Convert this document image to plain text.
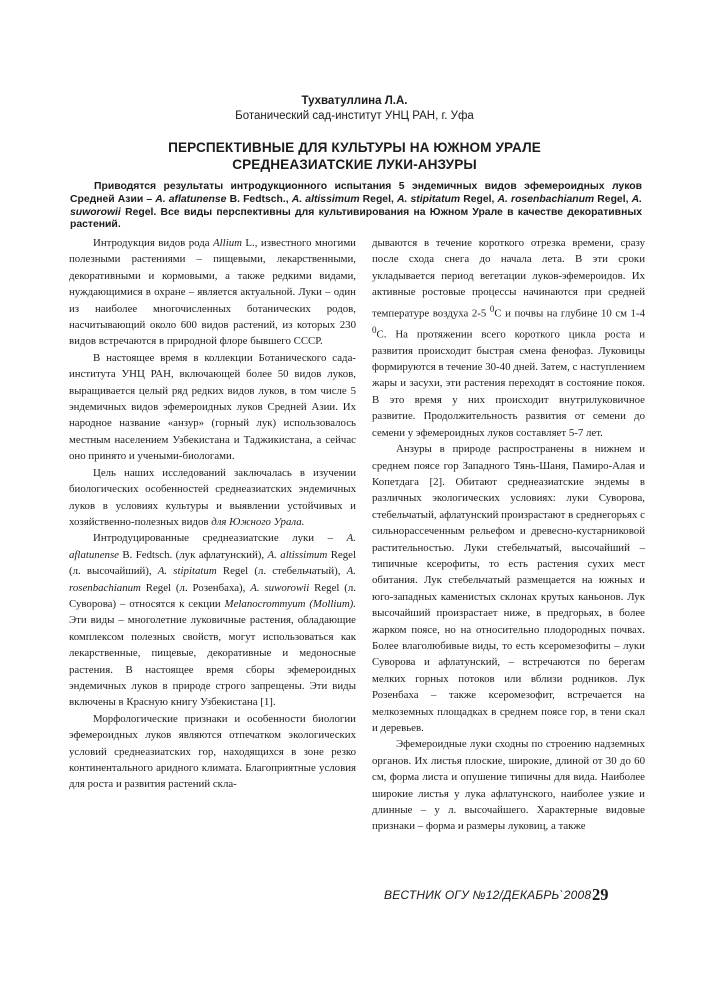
Тухватуллина Л.А.
Ботанический сад-институт УНЦ РАН, г. Уфа
ПЕРСПЕКТИВНЫЕ ДЛЯ КУЛЬТУРЫ НА ЮЖНОМ УРАЛЕ
СРЕДНЕАЗИАТСКИЕ ЛУКИ-АНЗУРЫ

Приводятся результаты интродукционного испытания 5 эндемичных видов эфемероидных луков Средней Азии – A. aflatunense B. Fedtsch., A. altissimum Regel, A. stipitatum Regel, A. rosenbachianum Regel, A. suworowii Regel. Все виды перспективны для культивирования на Южном Урале в качестве декоративных растений.

Интродукция видов рода Allium L., известного многими полезными растениями – пищевыми, лекарственными, декоративными и кормовыми, а также редкими видами, нуждающимися в охране – является актуальной. Луки – один из наиболее многочисленных ботанических родов, насчитывающий около 600 видов растений, из которых 230 видов встречаются в природной флоре бывшего СССР.

В настоящее время в коллекции Ботанического сада-института УНЦ РАН, включающей более 50 видов луков, выращивается целый ряд редких видов луков, в том числе 5 эндемичных видов эфемероидных луков Средней Азии. Их народное название «анзур» (горный лук) использовалось местным населением Узбекистана и Таджикистана, а сейчас оно принято и учеными-биологами.

Цель наших исследований заключалась в изучении биологических особенностей среднеазиатских эндемичных луков в условиях культуры и выявлении устойчивых и хозяйственно-полезных видов для Южного Урала.

Интродуцированные среднеазиатские луки – A. aflatunense B. Fedtsch. (лук афлатунский), A. altissimum Regel (л. высочайший), A. stipitatum Regel (л. стебельчатый), A. rosenbachianum Regel (л. Розенбаха), A. suworowii Regel (л. Суворова) – относятся к секции Melanocrommyum (Mollium). Эти виды – многолетние луковичные растения, обладающие комплексом полезных свойств, могут использоваться как лекарственные, пищевые, декоративные и медоносные растения. В настоящее время сборы эфемероидных эндемичных луков в природе строго запрещены. Эти виды включены в Красную книгу Узбекистана [1].

Морфологические признаки и особенности биологии эфемероидных луков являются отпечатком экологических условий среднеазиатских гор, находящихся в зоне резко континентального аридного климата. Благоприятные условия для роста и развития растений скла-

дываются в течение короткого отрезка времени, сразу после схода снега до начала лета. В эти сроки укладывается период вегетации луков-эфемероидов. Их активные ростовые процессы начинаются при средней температуре воздуха 2-5 $^0$С и почвы на глубине 10 см 1-4 $^0$С. На протяжении всего короткого цикла роста и развития происходит быстрая смена фенофаз. Луковицы формируются в течение 30-40 дней. Затем, с наступлением жары и засухи, эти растения переходят в состояние покоя. В это время у них происходит внутрилуковичное развитие. Продолжительность развития от семени до семени у эфемероидных луков составляет 5-7 лет.

Анзуры в природе распространены в нижнем и среднем поясе гор Западного Тянь-Шаня, Памиро-Алая и Копетдага [2]. Обитают среднеазиатские эндемы в различных экологических условиях: луки Суворова, стебельчатый, афлатунский произрастают в среднегорьях с сильнорассеченным рельефом и древесно-кустарниковой растительностью. Луки стебельчатый, высочайший – типичные ксерофиты, то есть растения сухих мест обитания. Лук стебельчатый размещается на южных и юго-западных каменистых склонах крутых каньонов. Лук высочайший произрастает ниже, в предгорьях, в более жарком поясе, но на относительно плодородных почвах. Более влаголюбивые виды, то есть ксеромезофиты – луки Суворова и афлатунский, – встречаются по берегам мелких горных потоков или вблизи родников. Лук Розенбаха – также ксеромезофит, встречается на мелкоземных площадках в среднем поясе гор, в тени скал и деревьев.

Эфемероидные луки сходны по строению надземных органов. Их листья плоские, широкие, длиной от 30 до 60 см, форма листа и опушение типичны для вида. Наиболее широкие листья у лука афлатунского, наиболее узкие и длинные – у л. высочайшего. Характерные видовые признаки – форма и размеры луковиц, а также

ВЕСТНИК ОГУ №12/ДЕКАБРЬ`2008 29
